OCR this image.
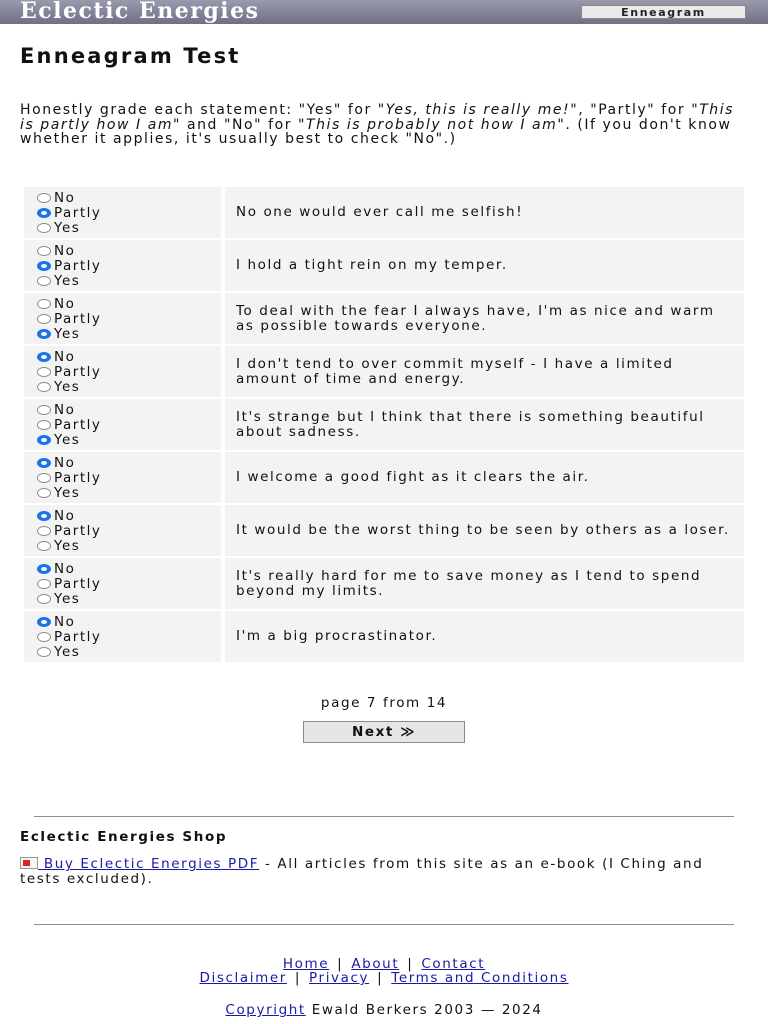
Eclectic Energies	Enneagram
Enneagram Test

Honestly grade each statement: "Yes" for "Yes, this is really me!", "Partly" for "This is partly how I am" and "No" for "This is probably not how I am". (If you don't know whether it applies, it's usually best to check "No".)

No
Partly
Yes
No one would ever call me selfish!
No
Partly
Yes
I hold a tight rein on my temper.
No
Partly
Yes
To deal with the fear I always have, I'm as nice and warm as possible towards everyone.
No
Partly
Yes
I don't tend to over commit myself - I have a limited amount of time and energy.
No
Partly
Yes
It's strange but I think that there is something beautiful about sadness.
No
Partly
Yes
I welcome a good fight as it clears the air.
No
Partly
Yes
It would be the worst thing to be seen by others as a loser.
No
Partly
Yes
It's really hard for me to save money as I tend to spend beyond my limits.
No
Partly
Yes
I'm a big procrastinator.
page 7 from 14
Next ≫
Eclectic Energies Shop
Buy Eclectic Energies PDF - All articles from this site as an e-book (I Ching and tests excluded).
Home | About | Contact
Disclaimer | Privacy | Terms and Conditions
Copyright Ewald Berkers 2003 — 2024
